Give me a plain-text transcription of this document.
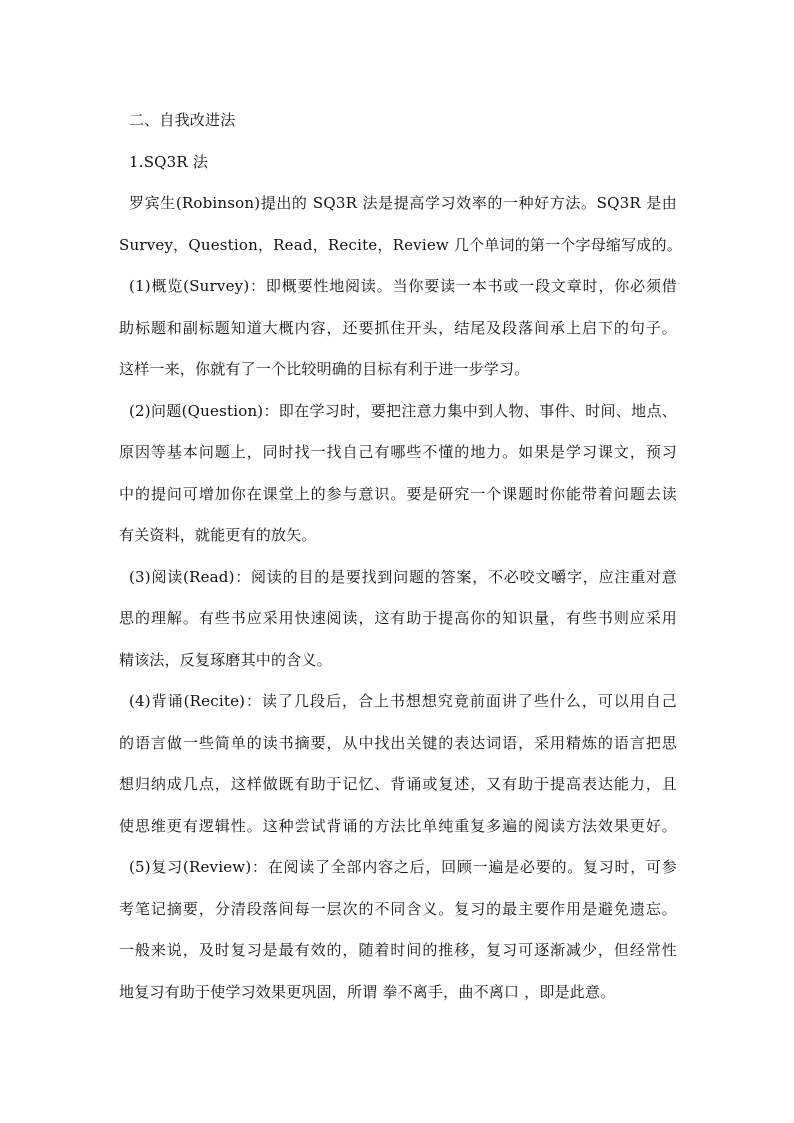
二、自我改进法
1.SQ3R 法
罗宾生(Robinson)提出的 SQ3R 法是提高学习效率的一种好方法。SQ3R 是由
Survey，Question，Read，Recite，Review 几个单词的第一个字母缩写成的。
(1)概览(Survey)：即概要性地阅读。当你要读一本书或一段文章时，你必须借
助标题和副标题知道大概内容，还要抓住开头，结尾及段落间承上启下的句子。
这样一来，你就有了一个比较明确的目标有利于进一步学习。
(2)问题(Question)：即在学习时，要把注意力集中到人物、事件、时间、地点、
原因等基本问题上，同时找一找自己有哪些不懂的地力。如果是学习课文，预习
中的提问可增加你在课堂上的参与意识。要是研究一个课题时你能带着问题去读
有关资料，就能更有的放矢。
(3)阅读(Read)：阅读的目的是要找到问题的答案，不必咬文嚼字，应注重对意
思的理解。有些书应采用快速阅读，这有助于提高你的知识量，有些书则应采用
精该法，反复琢磨其中的含义。
(4)背诵(Recite)：读了几段后，合上书想想究竟前面讲了些什么，可以用自己
的语言做一些简单的读书摘要，从中找出关键的表达词语，采用精炼的语言把思
想归纳成几点，这样做既有助于记忆、背诵或复述，又有助于提高表达能力，且
使思维更有逻辑性。这种尝试背诵的方法比单纯重复多遍的阅读方法效果更好。
(5)复习(Review)：在阅读了全部内容之后，回顾一遍是必要的。复习时，可参
考笔记摘要，分清段落间每一层次的不同含义。复习的最主要作用是避免遗忘。
一般来说，及时复习是最有效的，随着时间的推移，复习可逐渐减少，但经常性
地复习有助于使学习效果更巩固，所谓 拳不离手，曲不离口 ，即是此意。
